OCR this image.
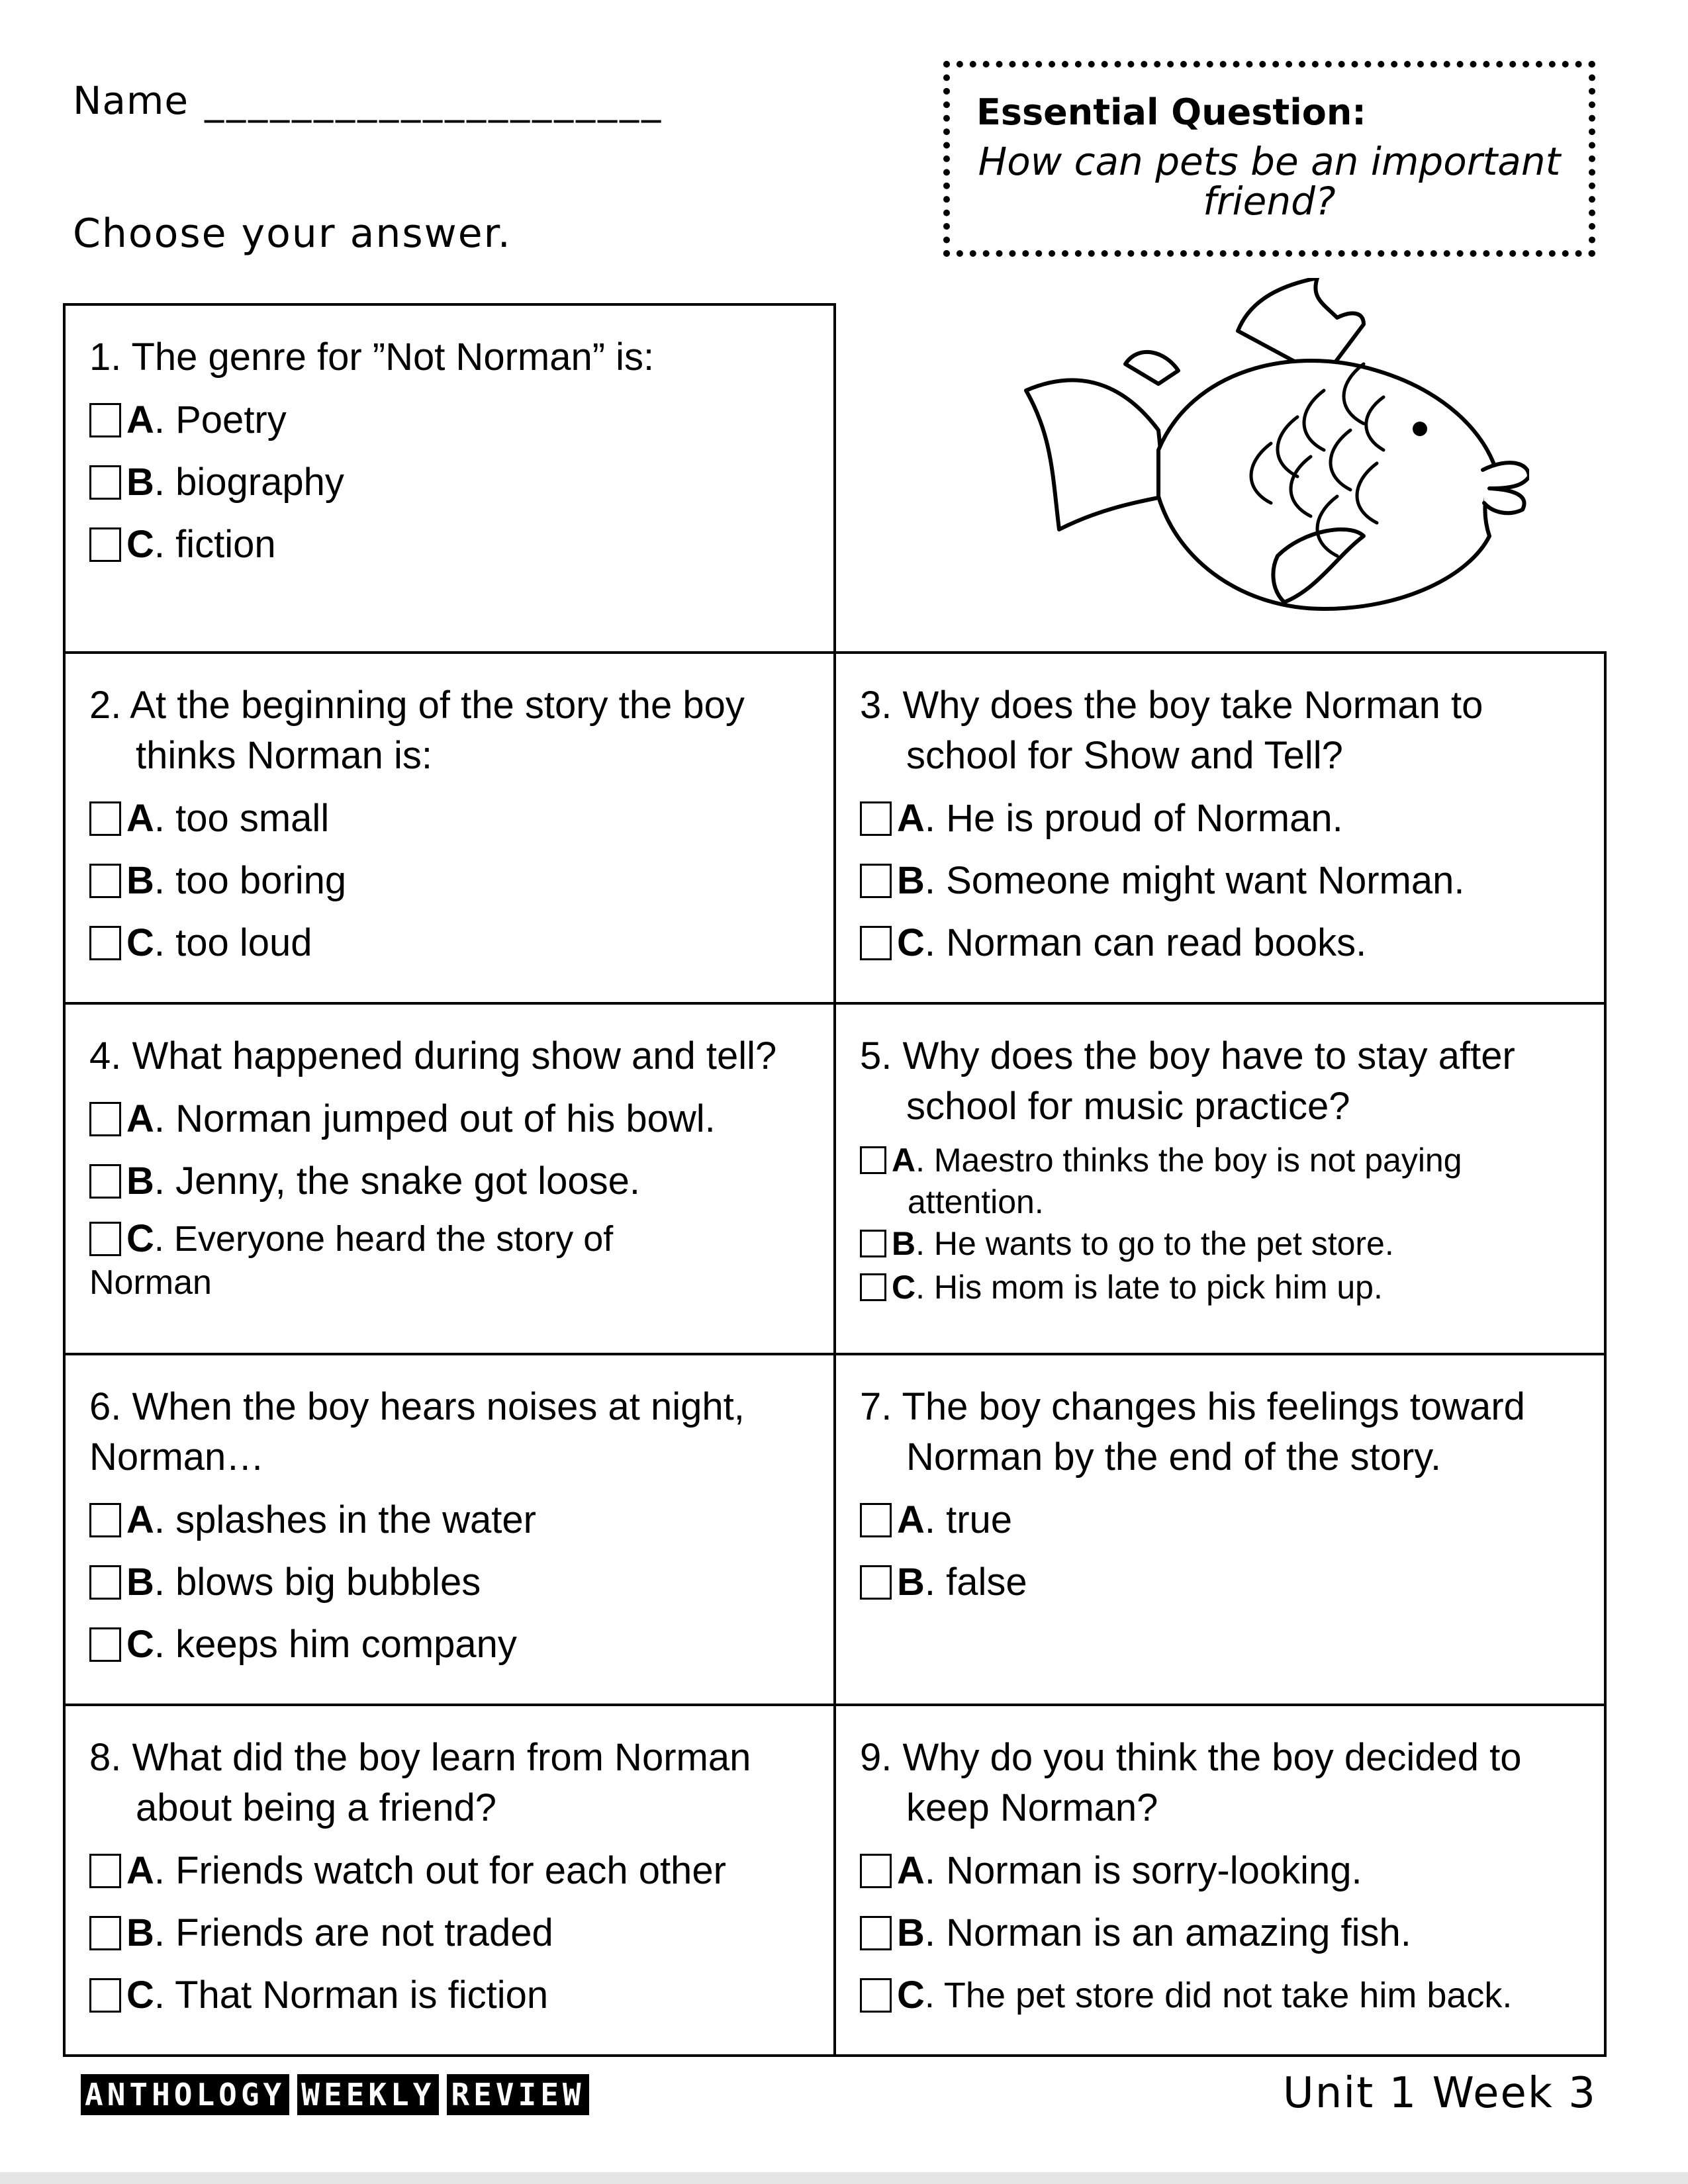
Name _____________________
Choose your answer.
Essential Question:
How can pets be an important friend?

1. The genre for ”Not Norman” is:

A . Poetry
B . biography
C . fiction

2. At the beginning of the story the boy thinks Norman is:

A . too small
B . too boring
C . too loud

3. Why does the boy take Norman to school for Show and Tell?

A . He is proud of Norman.
B . Someone might want Norman.
C . Norman can read books.

4. What happened during show and tell?

A . Norman jumped out of his bowl.
B . Jenny, the snake got loose.
C . Everyone heard the story of
Norman

5. Why does the boy have to stay after school for music practice?

A . Maestro thinks the boy is not paying
attention.
B . He wants to go to the pet store.
C . His mom is late to pick him up.

6. When the boy hears noises at night, Norman…

A . splashes in the water
B . blows big bubbles
C . keeps him company

7. The boy changes his feelings toward Norman by the end of the story.

A . true
B . false

8. What did the boy learn from Norman about being a friend?

A . Friends watch out for each other
B . Friends are not traded
C . That Norman is fiction

9. Why do you think the boy decided to keep Norman?

A . Norman is sorry-looking.
B . Norman is an amazing fish.
C . The pet store did not take him back.
ANTHOLOGY WEEKLY REVIEW	Unit 1 Week 3
